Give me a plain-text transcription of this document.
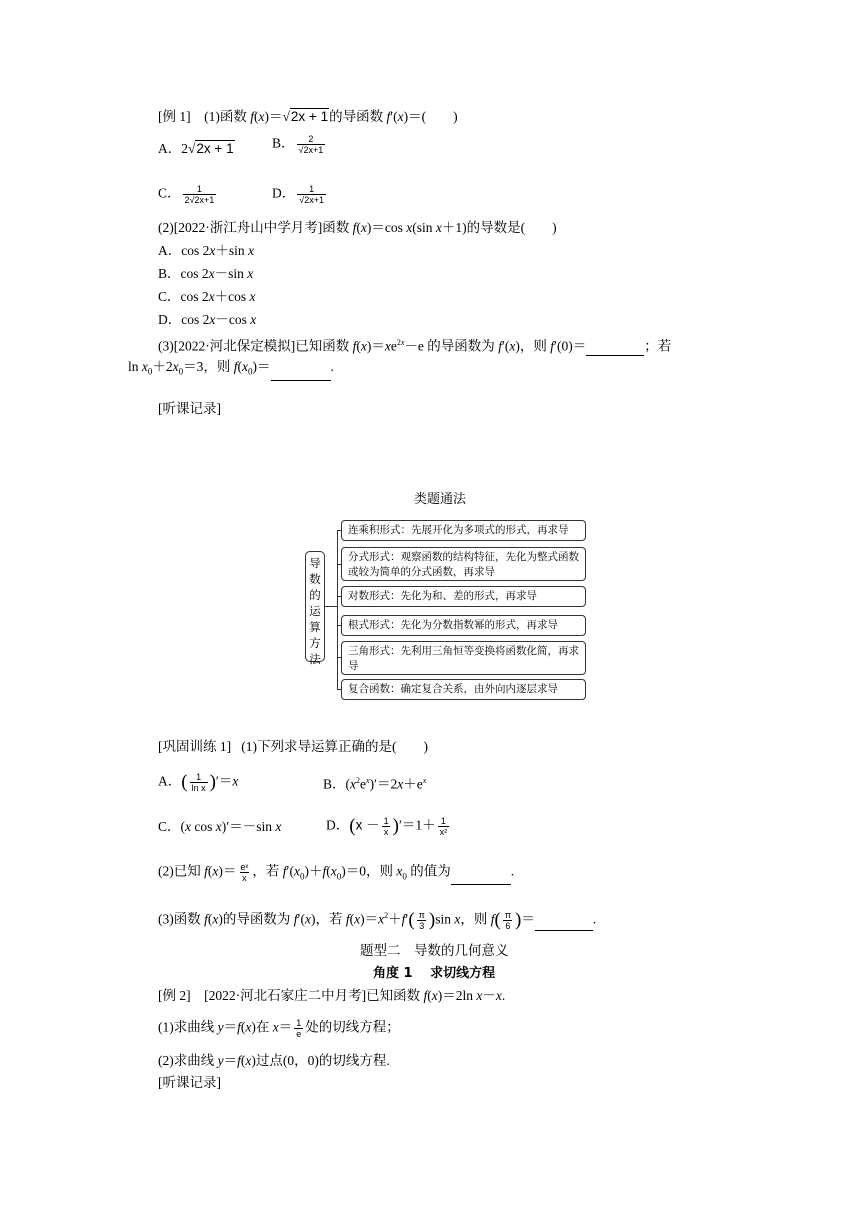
[例 1]    (1)函数 f(x)＝√2x + 1的导函数 f′(x)＝(　　)
A．2√2x + 1	B． $\frac{2}{√2x+1}$
C． $\frac{1}{2√2x+1}$	D． $\frac{1}{√2x+1}$
(2)[2022·浙江舟山中学月考]函数 f(x)＝cos x(sin x＋1)的导数是(　　)
A．cos 2x＋sin x
B．cos 2x－sin x
C．cos 2x＋cos x
D．cos 2x－cos x
(3)[2022·河北保定模拟]已知函数 $f(x)=xe^{2x}-e$ 的导函数为 f′(x)，则 f′(0)＝	；若
$\ln x_0+2x_0=3$，则 $f(x_0)=$	.
[听课记录]
类题通法
导
数
的
运
算
方
法
连乘积形式：先展开化为多项式的形式，再求导
分式形式：观察函数的结构特征，先化为整式函数或较为简单的分式函数，再求导
对数形式：先化为和、差的形式，再求导
根式形式：先化为分数指数幂的形式，再求导
三角形式：先利用三角恒等变换将函数化简，再求导
复合函数：确定复合关系，由外向内逐层求导
[巩固训练 1] (1)下列求导运算正确的是(　　)
A．( $\frac{1}{\text{ln x}} )'=x$	B．$(x^2e^x)'=2x+e^x$
C．(x cos x)′＝－sin x	D．$(x - \frac{1}{x} )'=1+ \frac{1}{\text{x²}}$
(2)已知 $f(x)= \frac{\text{eˣ}}{x}$ ，若 $f'(x_0)+f(x_0)=0$，则 $x_0$ 的值为	.
(3)函数 f(x)的导函数为 f′(x)，若 $f(x)=x^2+f'( \frac{\pi}{3} )\sin$ x，则 $f( \frac{\pi}{6}$ )＝	.
题型二　导数的几何意义
角度 1　 求切线方程
[例 2]    [2022·河北石家庄二中月考]已知函数 f(x)＝2ln x－x.
(1)求曲线 y＝f(x)在 $x= \frac{1}{e}$ 处的切线方程；
(2)求曲线 y＝f(x)过点(0，0)的切线方程.
[听课记录]
